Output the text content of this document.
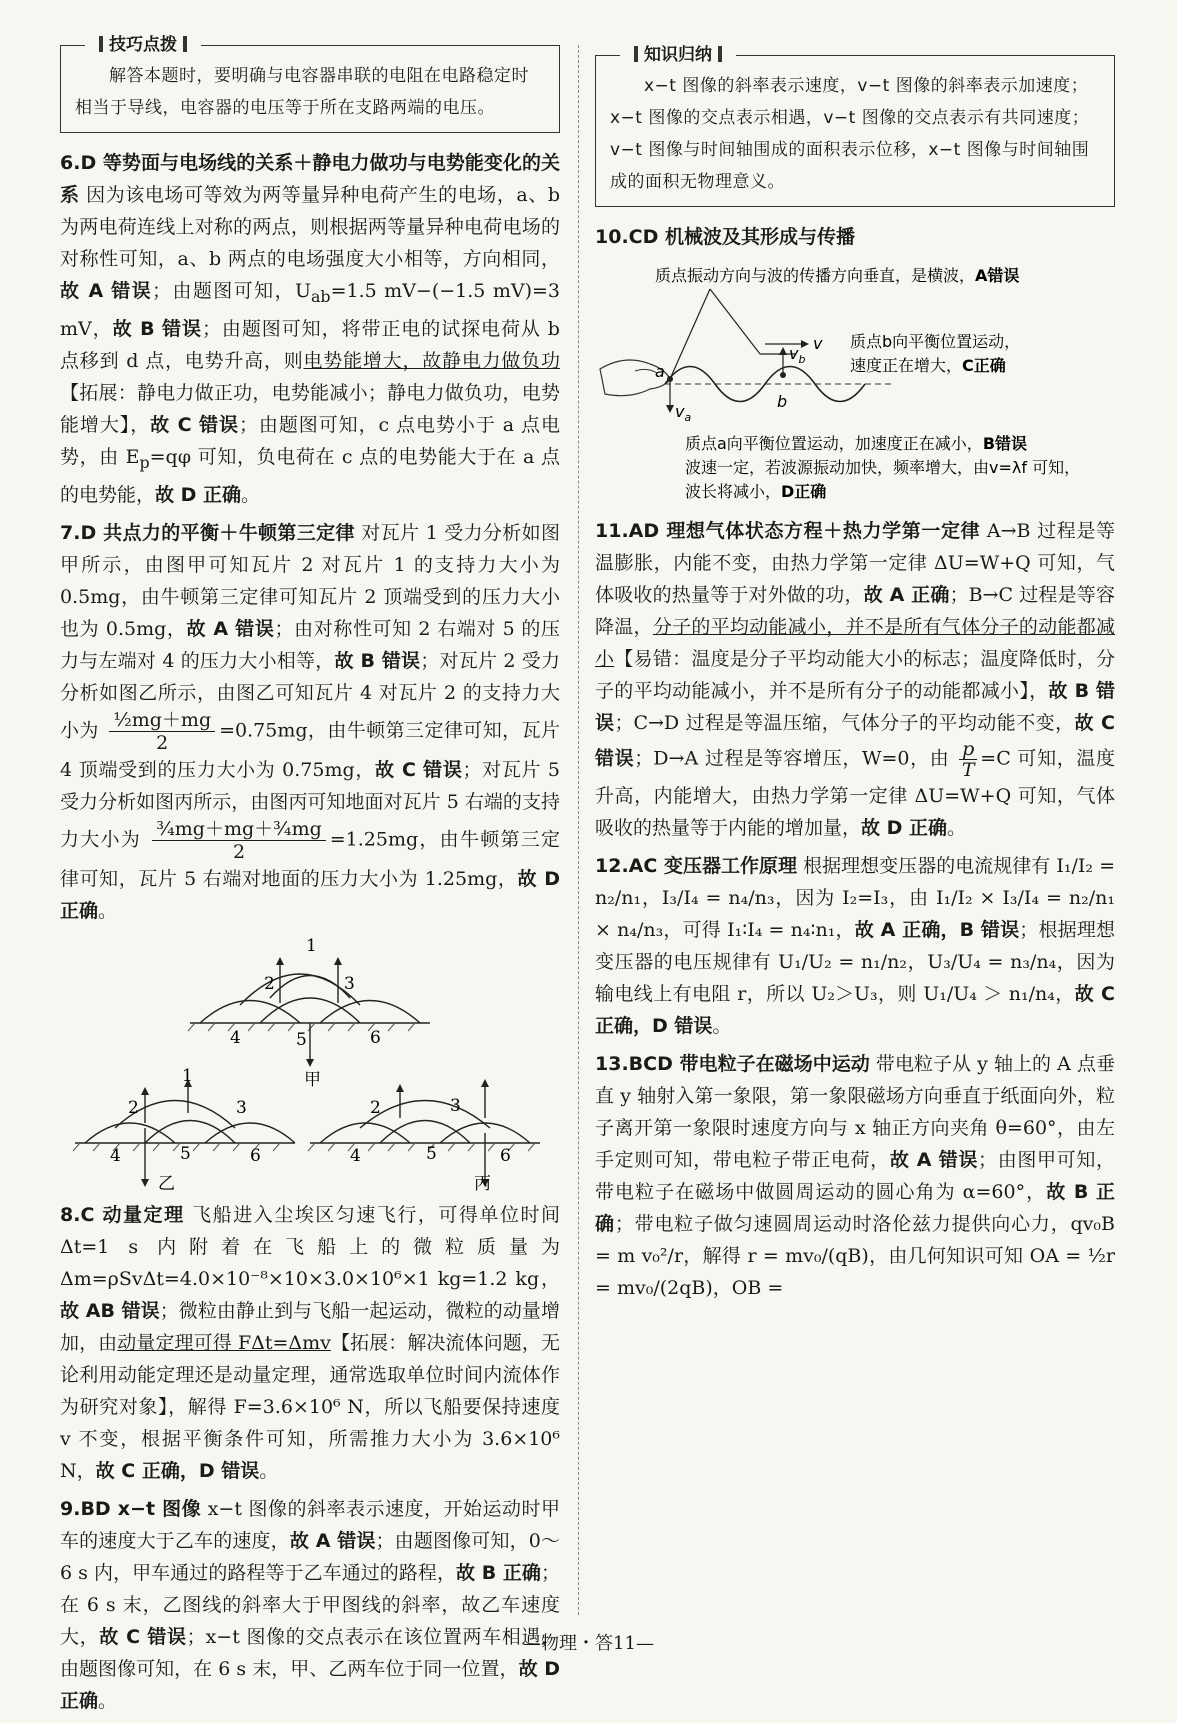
技巧点拨

解答本题时，要明确与电容器串联的电阻在电路稳定时相当于导线，电容器的电压等于所在支路两端的电压。

6.D 等势面与电场线的关系＋静电力做功与电势能变化的关系 因为该电场可等效为两等量异种电荷产生的电场，a、b 为两电荷连线上对称的两点，则根据两等量异种电荷电场的对称性可知，a、b 两点的电场强度大小相等，方向相同，故 A 错误；由题图可知，$U_{ab}=1.5$ mV−(−1.5 mV)=3 mV，故 B 错误；由题图可知，将带正电的试探电荷从 b 点移到 d 点，电势升高，则电势能增大，故静电力做负功【拓展：静电力做正功，电势能减小；静电力做负功，电势能增大】，故 C 错误；由题图可知，c 点电势小于 a 点电势，由 $E_p=q\varphi$ 可知，负电荷在 c 点的电势能大于在 a 点的电势能，故 D 正确。

7.D 共点力的平衡＋牛顿第三定律 对瓦片 1 受力分析如图甲所示，由图甲可知瓦片 2 对瓦片 1 的支持力大小为 0.5mg，由牛顿第三定律可知瓦片 2 顶端受到的压力大小也为 0.5mg，故 A 错误；由对称性可知 2 右端对 5 的压力与左端对 4 的压力大小相等，故 B 错误；对瓦片 2 受力分析如图乙所示，由图乙可知瓦片 4 对瓦片 2 的支持力大小为 $\frac{\text{½mg＋mg}}{2} =0.75mg$，由牛顿第三定律可知，瓦片 4 顶端受到的压力大小为 0.75mg，故 C 错误；对瓦片 5 受力分析如图丙所示，由图丙可知地面对瓦片 5 右端的支持力大小为 $\frac{\text{¾mg＋mg＋¾mg}}{2} =1.25mg$，由牛顿第三定律可知，瓦片 5 右端对地面的压力大小为 1.25mg，故 D 正确。

2
1
3
4	5	6
甲
2
1
3
4	5	6
乙
2	3
4	5	6
丙

8.C 动量定理 飞船进入尘埃区匀速飞行，可得单位时间 Δt=1 s 内附着在飞船上的微粒质量为 Δm=ρSvΔt=4.0×10⁻⁸×10×3.0×10⁶×1 kg=1.2 kg，故 AB 错误；微粒由静止到与飞船一起运动，微粒的动量增加，由动量定理可得 FΔt=Δmv【拓展：解决流体问题，无论利用动能定理还是动量定理，通常选取单位时间内流体作为研究对象】，解得 F=3.6×10⁶ N，所以飞船要保持速度 v 不变，根据平衡条件可知，所需推力大小为 3.6×10⁶ N，故 C 正确，D 错误。

9.BD x−t 图像 x−t 图像的斜率表示速度，开始运动时甲车的速度大于乙车的速度，故 A 错误；由题图像可知，0～6 s 内，甲车通过的路程等于乙车通过的路程，故 B 正确；在 6 s 末，乙图线的斜率大于甲图线的斜率，故乙车速度大，故 C 错误；x−t 图像的交点表示在该位置两车相遇，由题图像可知，在 6 s 末，甲、乙两车位于同一位置，故 D 正确。

知识归纳

x−t 图像的斜率表示速度，v−t 图像的斜率表示加速度；x−t 图像的交点表示相遇，v−t 图像的交点表示有共同速度；v−t 图像与时间轴围成的面积表示位移，x−t 图像与时间轴围成的面积无物理意义。

10.CD 机械波及其形成与传播

质点振动方向与波的传播方向垂直，是横波，A错误
v
a
b
$v_b$
$v_a$
质点b向平衡位置运动，
速度正在增大，C正确
质点a向平衡位置运动，加速度正在减小，B错误
波速一定，若波源振动加快，频率增大，由v=λf 可知，
波长将减小，D正确

11.AD 理想气体状态方程＋热力学第一定律 A→B 过程是等温膨胀，内能不变，由热力学第一定律 ΔU=W+Q 可知，气体吸收的热量等于对外做的功，故 A 正确；B→C 过程是等容降温，分子的平均动能减小，并不是所有气体分子的动能都减小【易错：温度是分子平均动能大小的标志；温度降低时，分子的平均动能减小，并不是所有分子的动能都减小】，故 B 错误；C→D 过程是等温压缩，气体分子的平均动能不变，故 C 错误；D→A 过程是等容增压，W=0，由 $\frac{p}{T} =C$ 可知，温度升高，内能增大，由热力学第一定律 ΔU=W+Q 可知，气体吸收的热量等于内能的增加量，故 D 正确。

12.AC 变压器工作原理 根据理想变压器的电流规律有 I₁/I₂ = n₂/n₁，I₃/I₄ = n₄/n₃，因为 I₂=I₃，由 I₁/I₂ × I₃/I₄ = n₂/n₁ × n₄/n₃，可得 I₁∶I₄ = n₄∶n₁，故 A 正确，B 错误；根据理想变压器的电压规律有 U₁/U₂ = n₁/n₂，U₃/U₄ = n₃/n₄，因为输电线上有电阻 r，所以 U₂＞U₃，则 U₁/U₄ ＞ n₁/n₄，故 C 正确，D 错误。

13.BCD 带电粒子在磁场中运动 带电粒子从 y 轴上的 A 点垂直 y 轴射入第一象限，第一象限磁场方向垂直于纸面向外，粒子离开第一象限时速度方向与 x 轴正方向夹角 θ=60°，由左手定则可知，带电粒子带正电荷，故 A 错误；由图甲可知，带电粒子在磁场中做圆周运动的圆心角为 α=60°，故 B 正确；带电粒子做匀速圆周运动时洛伦兹力提供向心力，qv₀B = m v₀²/r，解得 r = mv₀/(qB)，由几何知识可知 OA = ½r = mv₀/(2qB)，OB =

—物理・答11—
